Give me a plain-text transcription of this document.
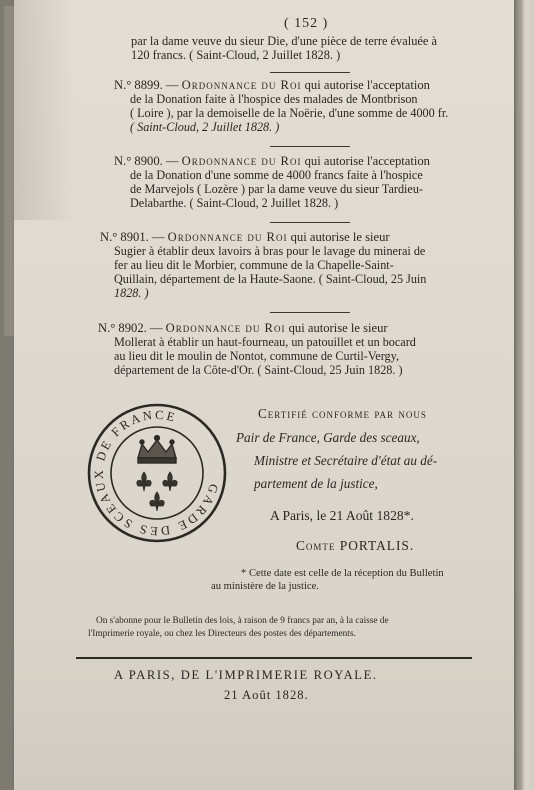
( 152 )
par la dame veuve du sieur Die, d'une pièce de terre évaluée à
120 francs. ( Saint-Cloud, 2 Juillet 1828. )
N.° 8899. — Ordonnance du Roi qui autorise l'acceptation
de la Donation faite à l'hospice des malades de Montbrison
( Loire ), par la demoiselle de la Noërie, d'une somme de 4000 fr.
( Saint-Cloud, 2 Juillet 1828. )
N.° 8900. — Ordonnance du Roi qui autorise l'acceptation
de la Donation d'une somme de 4000 francs faite à l'hospice
de Marvejols ( Lozère ) par la dame veuve du sieur Tardieu-
Delabarthe. ( Saint-Cloud, 2 Juillet 1828. )
N.° 8901. — Ordonnance du Roi qui autorise le sieur
Sugier à établir deux lavoirs à bras pour le lavage du minerai de
fer au lieu dit le Morbier, commune de la Chapelle-Saint-
Quillain, département de la Haute-Saone. ( Saint-Cloud, 25 Juin
1828. )
N.° 8902. — Ordonnance du Roi qui autorise le sieur
Mollerat à établir un haut-fourneau, un patouillet et un bocard
au lieu dit le moulin de Nontot, commune de Curtil-Vergy,
département de la Côte-d'Or. ( Saint-Cloud, 25 Juin 1828. )
Certifié conforme par nous
Pair de France, Garde des sceaux,
Ministre et Secrétaire d'état au dé-
partement de la justice,
A Paris, le 21 Août 1828*.
Comte PORTALIS.
* Cette date est celle de la réception du Bulletin
au ministère de la justice.
On s'abonne pour le Bulletin des lois, à raison de 9 francs par an, à la caisse de
l'Imprimerie royale, ou chez les Directeurs des postes des départements.
A PARIS, DE L'IMPRIMERIE ROYALE.
21 Août 1828.
GARDE DES SCEAUX DE FRANCE
